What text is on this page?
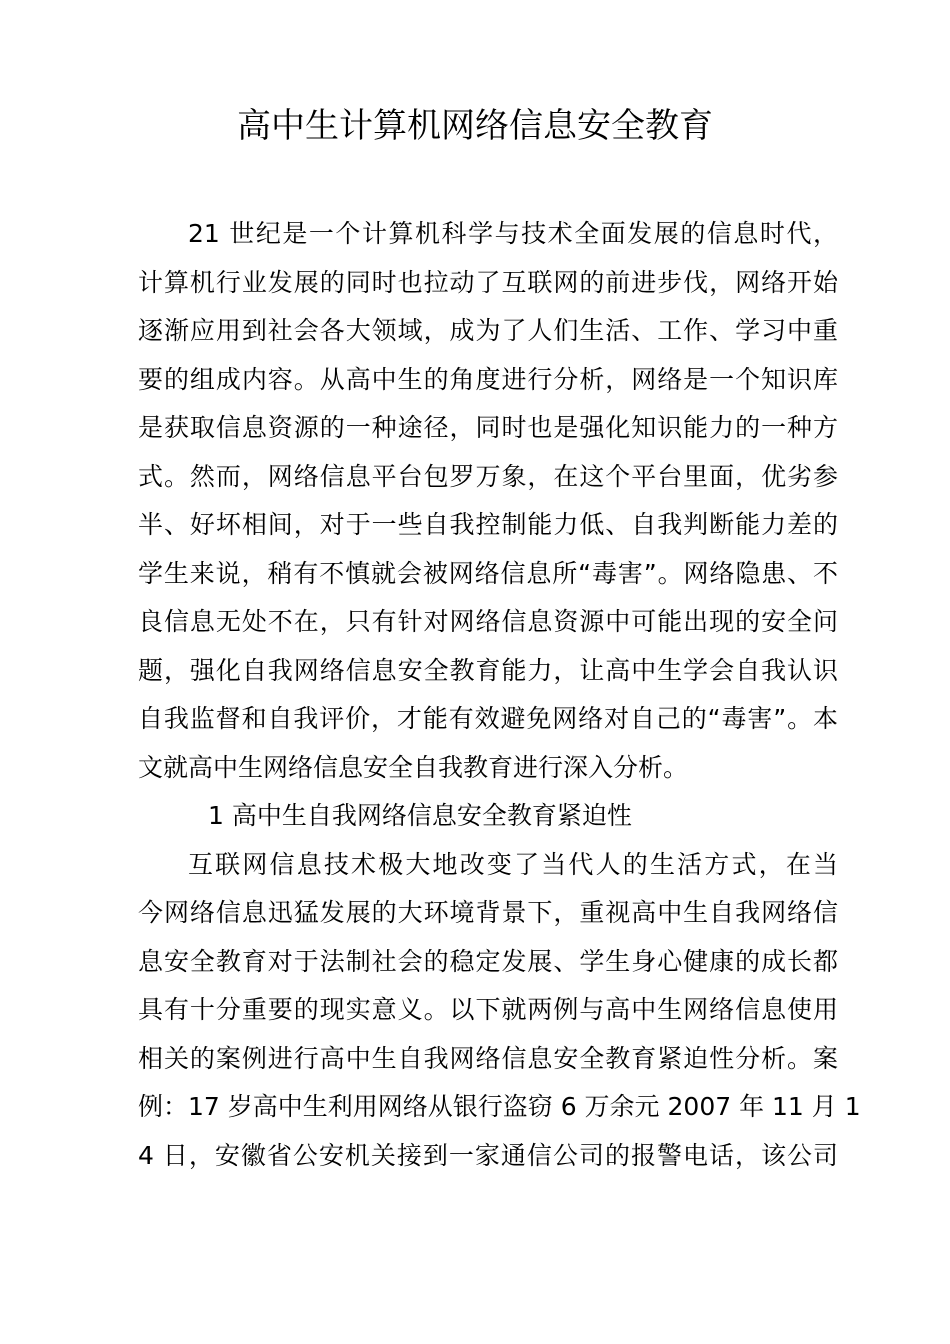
高中生计算机网络信息安全教育
21 世纪是一个计算机科学与技术全面发展的信息时代，
计算机行业发展的同时也拉动了互联网的前进步伐，网络开始
逐渐应用到社会各大领域，成为了人们生活、工作、学习中重
要的组成内容。从高中生的角度进行分析，网络是一个知识库
是获取信息资源的一种途径，同时也是强化知识能力的一种方
式。然而，网络信息平台包罗万象，在这个平台里面，优劣参
半、好坏相间，对于一些自我控制能力低、自我判断能力差的
学生来说，稍有不慎就会被网络信息所“毒害”。网络隐患、不
良信息无处不在，只有针对网络信息资源中可能出现的安全问
题，强化自我网络信息安全教育能力，让高中生学会自我认识
自我监督和自我评价，才能有效避免网络对自己的“毒害”。本
文就高中生网络信息安全自我教育进行深入分析。
1 高中生自我网络信息安全教育紧迫性
互联网信息技术极大地改变了当代人的生活方式，在当
今网络信息迅猛发展的大环境背景下，重视高中生自我网络信
息安全教育对于法制社会的稳定发展、学生身心健康的成长都
具有十分重要的现实意义。以下就两例与高中生网络信息使用
相关的案例进行高中生自我网络信息安全教育紧迫性分析。案
例：17 岁高中生利用网络从银行盗窃 6 万余元 2007 年 11 月 1
4 日，安徽省公安机关接到一家通信公司的报警电话，该公司
